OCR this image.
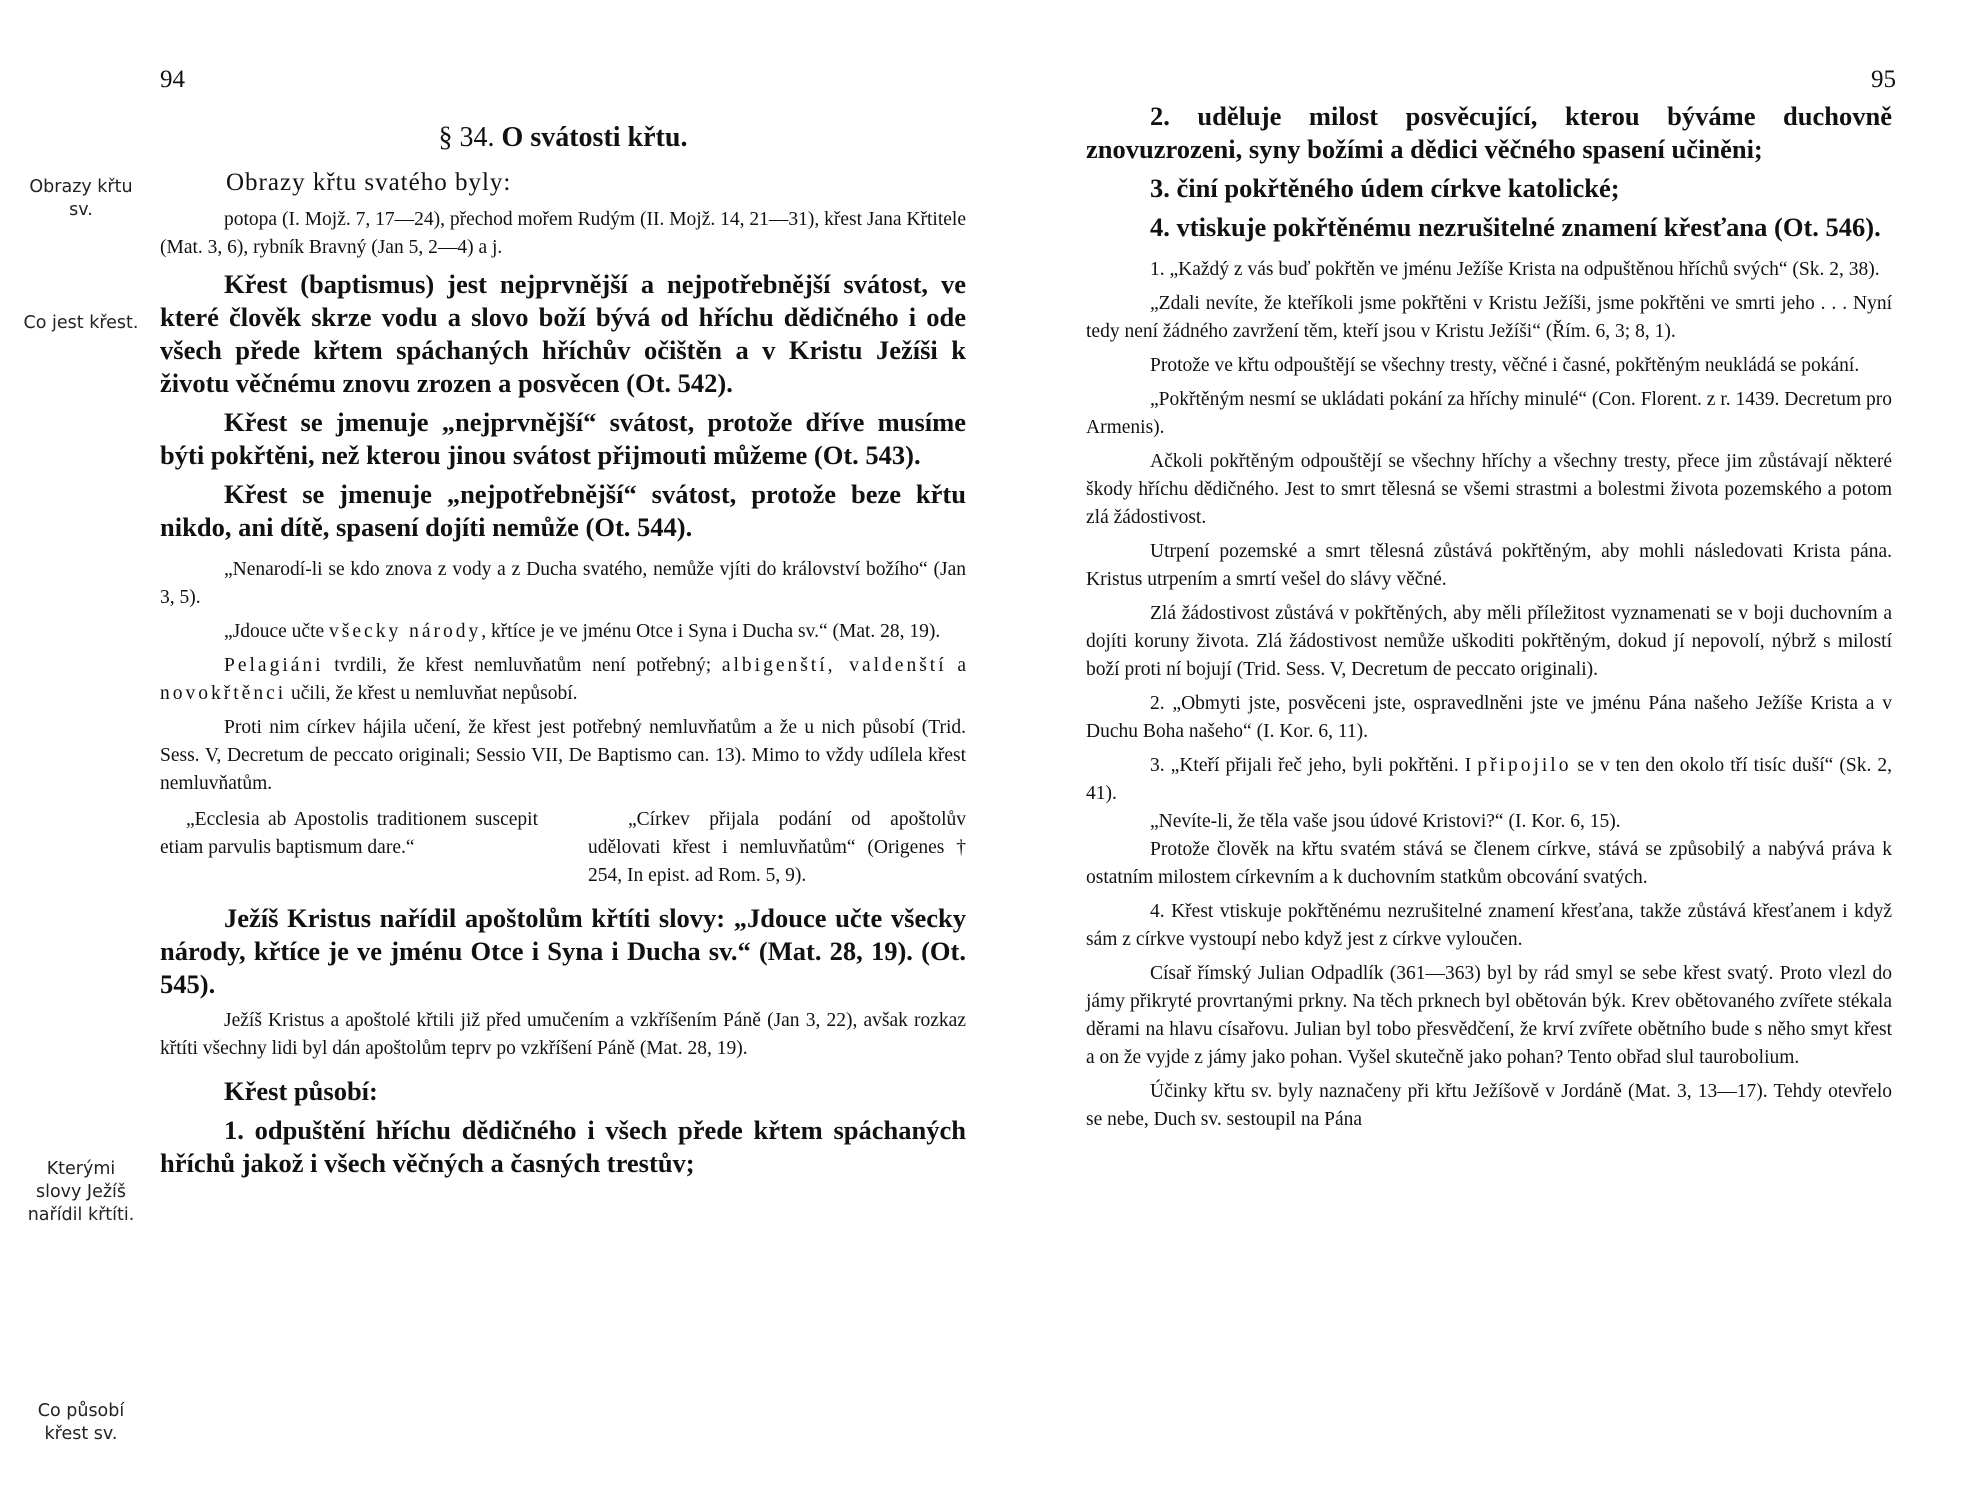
94
Obrazy křtu sv.
Co jest křest.
Kterými slovy Ježíš nařídil křtíti.
Co působí křest sv.
§ 34. O svátosti křtu.

Obrazy křtu svatého byly:

potopa (I. Mojž. 7, 17—24), přechod mořem Rudým (II. Mojž. 14, 21—31), křest Jana Křtitele (Mat. 3, 6), rybník Bravný (Jan 5, 2—4) a j.

Křest (baptismus) jest nejprvnější a nejpotřebnější svátost, ve které člověk skrze vodu a slovo boží bývá od hříchu dědičného i ode všech přede křtem spáchaných hříchův očištěn a v Kristu Ježíši k životu věčnému znovu zrozen a posvěcen (Ot. 542).

Křest se jmenuje „nejprvnější“ svátost, protože dříve musíme býti pokřtěni, než kterou jinou svátost přijmouti můžeme (Ot. 543).

Křest se jmenuje „nejpotřebnější“ svátost, protože beze křtu nikdo, ani dítě, spasení dojíti nemůže (Ot. 544).

„Nenarodí-li se kdo znova z vody a z Ducha svatého, nemůže vjíti do království božího“ (Jan 3, 5).

„Jdouce učte všecky národy, křtíce je ve jménu Otce i Syna i Ducha sv.“ (Mat. 28, 19).

Pelagiáni tvrdili, že křest nemluvňatům není potřebný; albigenští, valdenští a novokřtěnci učili, že křest u nemluvňat nepůsobí.

Proti nim církev hájila učení, že křest jest potřebný nemluvňatům a že u nich působí (Trid. Sess. V, Decretum de peccato originali; Sessio VII, De Baptismo can. 13). Mimo to vždy udílela křest nemluvňatům.

„Ecclesia ab Apostolis traditionem suscepit etiam parvulis baptismum dare.“

„Církev přijala podání od apoštolův udělovati křest i nemluvňatům“ (Origenes † 254, In epist. ad Rom. 5, 9).

Ježíš Kristus nařídil apoštolům křtíti slovy: „Jdouce učte všecky národy, křtíce je ve jménu Otce i Syna i Ducha sv.“ (Mat. 28, 19). (Ot. 545).

Ježíš Kristus a apoštolé křtili již před umučením a vzkříšením Páně (Jan 3, 22), avšak rozkaz křtíti všechny lidi byl dán apoštolům teprv po vzkříšení Páně (Mat. 28, 19).

Křest působí:

1. odpuštění hříchu dědičného i všech přede křtem spáchaných hříchů jakož i všech věčných a časných trestův;

95

2. uděluje milost posvěcující, kterou býváme duchovně znovuzrozeni, syny božími a dědici věčného spasení učiněni;

3. činí pokřtěného údem církve katolické;

4. vtiskuje pokřtěnému nezrušitelné znamení křesťana (Ot. 546).

1. „Každý z vás buď pokřtěn ve jménu Ježíše Krista na odpuštěnou hříchů svých“ (Sk. 2, 38).

„Zdali nevíte, že kteříkoli jsme pokřtěni v Kristu Ježíši, jsme pokřtěni ve smrti jeho . . . Nyní tedy není žádného zavržení těm, kteří jsou v Kristu Ježíši“ (Řím. 6, 3; 8, 1).

Protože ve křtu odpouštějí se všechny tresty, věčné i časné, pokřtěným neukládá se pokání.

„Pokřtěným nesmí se ukládati pokání za hříchy minulé“ (Con. Florent. z r. 1439. Decretum pro Armenis).

Ačkoli pokřtěným odpouštějí se všechny hříchy a všechny tresty, přece jim zůstávají některé škody hříchu dědičného. Jest to smrt tělesná se všemi strastmi a bolestmi života pozemského a potom zlá žádostivost.

Utrpení pozemské a smrt tělesná zůstává pokřtěným, aby mohli následovati Krista pána. Kristus utrpením a smrtí vešel do slávy věčné.

Zlá žádostivost zůstává v pokřtěných, aby měli příležitost vyznamenati se v boji duchovním a dojíti koruny života. Zlá žádostivost nemůže uškoditi pokřtěným, dokud jí nepovolí, nýbrž s milostí boží proti ní bojují (Trid. Sess. V, Decretum de peccato originali).

2. „Obmyti jste, posvěceni jste, ospravedlněni jste ve jménu Pána našeho Ježíše Krista a v Duchu Boha našeho“ (I. Kor. 6, 11).

3. „Kteří přijali řeč jeho, byli pokřtěni. I připojilo se v ten den okolo tří tisíc duší“ (Sk. 2, 41).

„Nevíte-li, že těla vaše jsou údové Kristovi?“ (I. Kor. 6, 15).

Protože člověk na křtu svatém stává se členem církve, stává se způsobilý a nabývá práva k ostatním milostem církevním a k duchovním statkům obcování svatých.

4. Křest vtiskuje pokřtěnému nezrušitelné znamení křesťana, takže zůstává křesťanem i když sám z církve vystoupí nebo když jest z církve vyloučen.

Císař římský Julian Odpadlík (361—363) byl by rád smyl se sebe křest svatý. Proto vlezl do jámy přikryté provrtanými prkny. Na těch prknech byl obětován býk. Krev obětovaného zvířete stékala děrami na hlavu císařovu. Julian byl tobo přesvědčení, že krví zvířete obětního bude s něho smyt křest a on že vyjde z jámy jako pohan. Vyšel skutečně jako pohan? Tento obřad slul taurobolium.

Účinky křtu sv. byly naznačeny při křtu Ježíšově v Jordáně (Mat. 3, 13—17). Tehdy otevřelo se nebe, Duch sv. sestoupil na Pána
